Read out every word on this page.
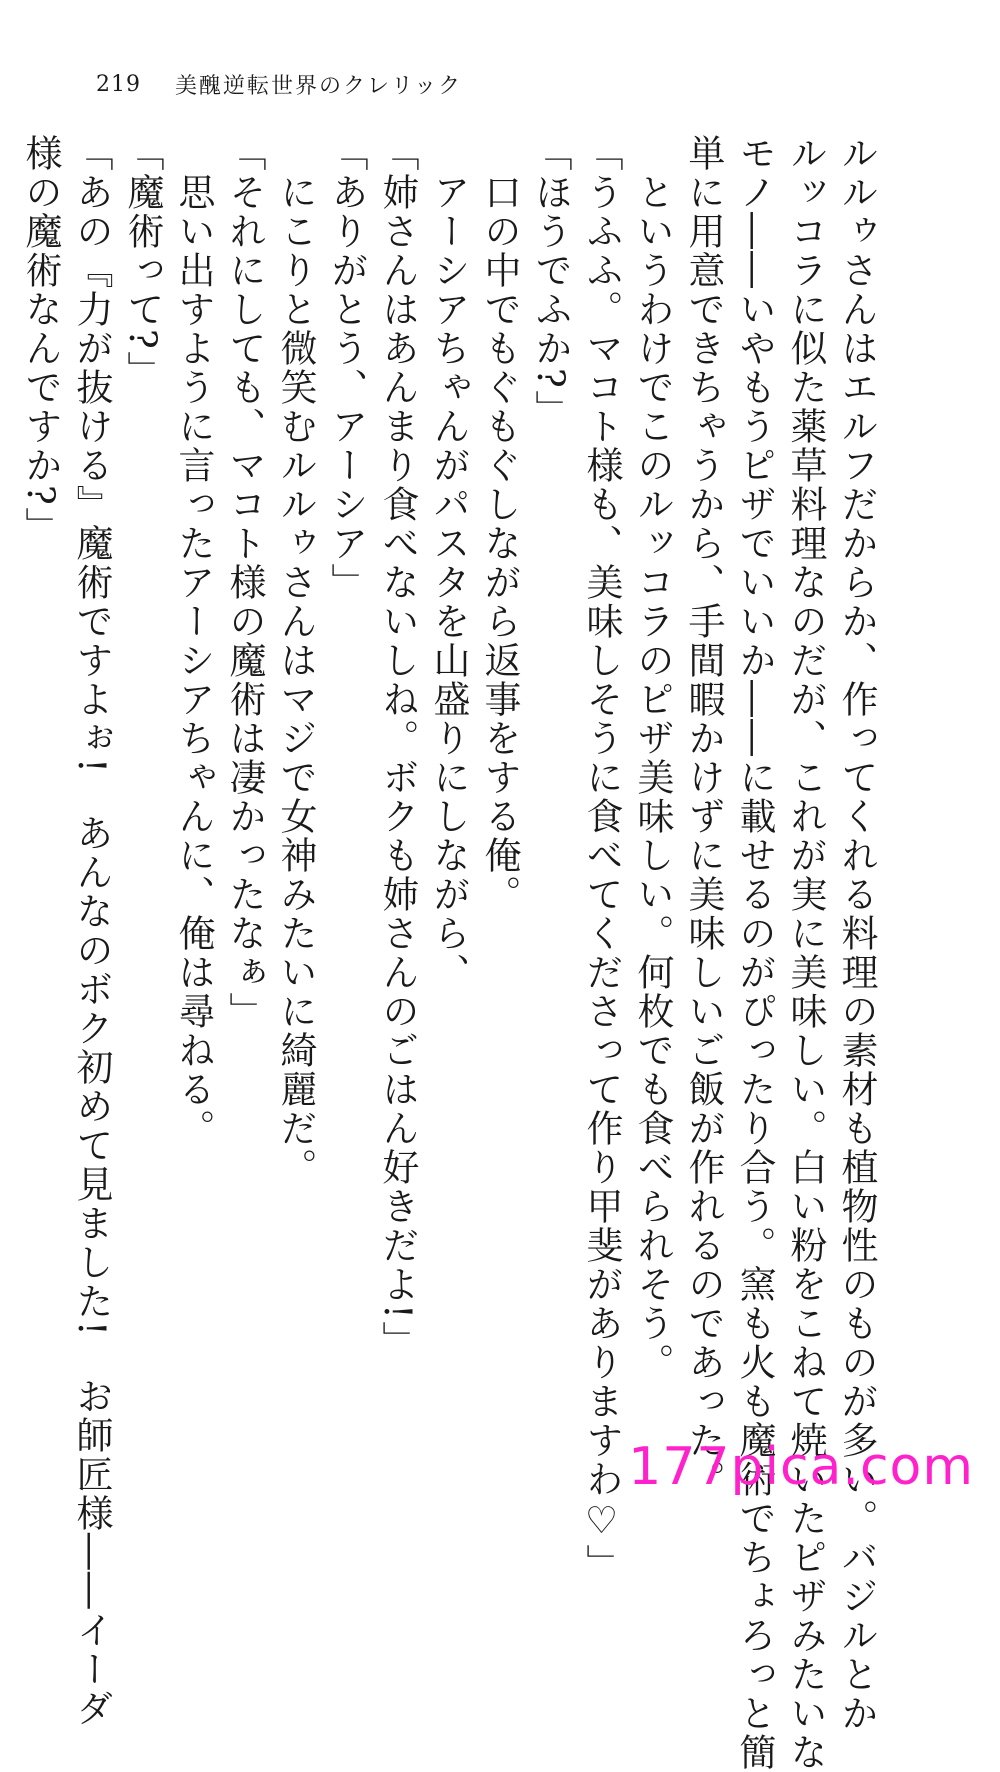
219 美醜逆転世界のクレリック
ルルゥさんはエルフだからか、作ってくれる料理の素材も植物性のものが多い。バジルとか
ルッコラに似た薬草料理なのだが、これが実に美味しい。白い粉をこねて焼いたピザみたいな
モノ――いやもうピザでいいか――に載せるのがぴったり合う。窯も火も魔術でちょろっと簡
単に用意できちゃうから、手間暇かけずに美味しいご飯が作れるのであった。
　というわけでこのルッコラのピザ美味しい。何枚でも食べられそう。
「うふふ。マコト様も、美味しそうに食べてくださって作り甲斐がありますわ♡」
「ほうでふか?」
　口の中でもぐもぐしながら返事をする俺。
　アーシアちゃんがパスタを山盛りにしながら、
「姉さんはあんまり食べないしね。ボクも姉さんのごはん好きだよ!」
「ありがとう、アーシア」
　にこりと微笑むルルゥさんはマジで女神みたいに綺麗だ。
「それにしても、マコト様の魔術は凄かったなぁ」
　思い出すように言ったアーシアちゃんに、俺は尋ねる。
「魔術って?」
「あの『力が抜ける』魔術ですよぉ!　あんなのボク初めて見ました!　お師匠様――イーダ
様の魔術なんですか?」
177pica.com
